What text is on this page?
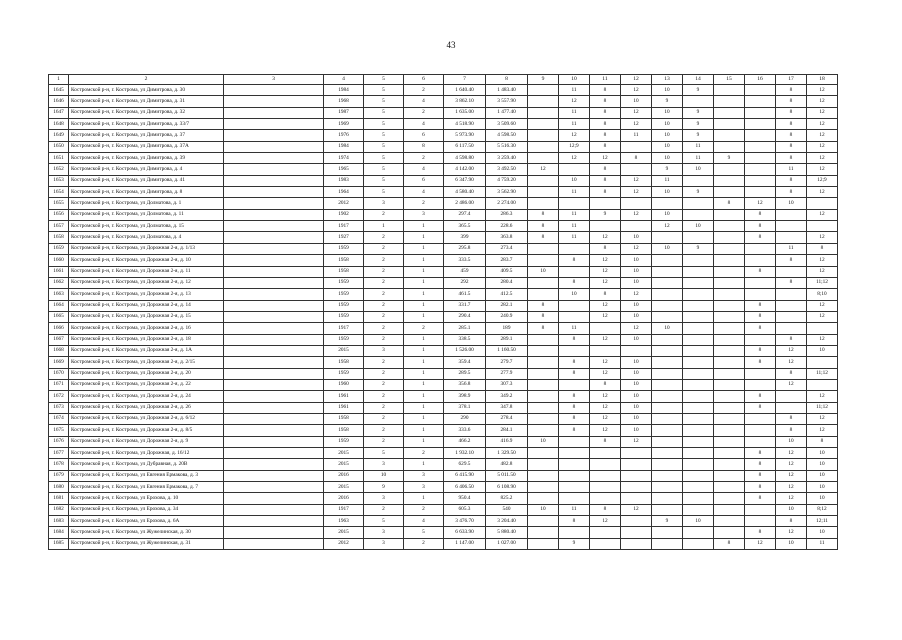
43
1	2	3	4	5	6	7	8	9	10	11	12	13	14	15	16	17	18
1645	Костромской р-н, г. Кострома, ул Димитрова, д. 30		1984	5	2	1 640.40	1 483.40		11	8	12	10	9			8	12
1646	Костромской р-н, г. Кострома, ул Димитрова, д. 31		1968	5	4	3 862.10	3 557.90		12	8	10	9				8	12
1647	Костромской р-н, г. Кострома, ул Димитрова, д. 32		1987	5	2	1 635.00	1 477.40		11	8	12	10	9			8	12
1648	Костромской р-н, г. Кострома, ул Димитрова, д. 33/7		1969	5	4	4 518.90	3 509.60		11	8	12	10	9			8	12
1649	Костромской р-н, г. Кострома, ул Димитрова, д. 37		1976	5	6	5 973.90	4 598.50		12	8	11	10	9			8	12
1650	Костромской р-н, г. Кострома, ул Димитрова, д. 37А		1984	5	8	6 117.50	5 516.30		12;9	8		10	11			8	12
1651	Костромской р-н, г. Кострома, ул Димитрова, д. 39		1974	5	2	4 598.80	3 259.40		12	12	8	10	11	9		8	12
1652	Костромской р-н, г. Кострома, ул Димитрова, д. 4		1965	5	4	4 142.00	3 492.50	12		8		9	10			11	12
1653	Костромской р-н, г. Кострома, ул Димитрова, д. 41		1983	5	6	6 347.90	4 759.20		10	8	12	11				8	12;9
1654	Костромской р-н, г. Кострома, ул Димитрова, д. 8		1964	5	4	4 580.40	3 562.90		11	8	12	10	9			8	12
1655	Костромской р-н, г. Кострома, ул Долматова, д. 1		2012	3	2	2 486.00	2 274.00							8	12	10	
1656	Костромской р-н, г. Кострома, ул Долматова, д. 11		1902	2	3	297.4	286.3	8	11	9	12	10			8		12
1657	Костромской р-н, г. Кострома, ул Долматова, д. 15		1917	1	1	365.5	228.6	8	11			12	10		8		
1658	Костромской р-н, г. Кострома, ул Долматова, д. 4		1927	2	1	399	363.8	8	11	12	10				8		12
1659	Костромской р-н, г. Кострома, ул Дорожная 2-я, д. 1/13		1959	2	1	295.8	273.4			8	12	10	9			11	8
1660	Костромской р-н, г. Кострома, ул Дорожная 2-я, д. 10		1958	2	1	333.5	283.7		8	12	10					8	12
1661	Костромской р-н, г. Кострома, ул Дорожная 2-я, д. 11		1958	2	1	459	409.5	10		12	10				8		12
1662	Костромской р-н, г. Кострома, ул Дорожная 2-я, д. 12		1959	2	1	292	280.4		8	12	10					8	11;12
1663	Костромской р-н, г. Кострома, ул Дорожная 2-я, д. 13		1959	2	1	461.5	412.5		10	8	12						8;10
1664	Костромской р-н, г. Кострома, ул Дорожная 2-я, д. 14		1959	2	1	331.7	282.1	8		12	10				8		12
1665	Костромской р-н, г. Кострома, ул Дорожная 2-я, д. 15		1959	2	1	290.4	240.9	8		12	10				8		12
1666	Костромской р-н, г. Кострома, ул Дорожная 2-я, д. 16		1917	2	2	285.1	189	8	11		12	10			8		
1667	Костромской р-н, г. Кострома, ул Дорожная 2-я, д. 18		1959	2	1	338.5	289.1		8	12	10					8	12
1668	Костромской р-н, г. Кострома, ул Дорожная 2-я, д. 1А		2015	3	1	1 526.00	1 160.50								8	12	10
1669	Костромской р-н, г. Кострома, ул Дорожная 2-я, д. 2/15		1958	2	1	359.4	279.7		8	12	10				8	12	
1670	Костромской р-н, г. Кострома, ул Дорожная 2-я, д. 20		1959	2	1	289.5	277.9		8	12	10					8	11;12
1671	Костромской р-н, г. Кострома, ул Дорожная 2-я, д. 22		1960	2	1	356.8	307.3			8	10					12	
1672	Костромской р-н, г. Кострома, ул Дорожная 2-я, д. 24		1961	2	1	398.9	349.2		8	12	10				8		12
1673	Костромской р-н, г. Кострома, ул Дорожная 2-я, д. 26		1961	2	1	378.1	347.8		8	12	10				8		11;12
1674	Костромской р-н, г. Кострома, ул Дорожная 2-я, д. 6/12		1958	2	1	290	278.4		8	12	10					8	12
1675	Костромской р-н, г. Кострома, ул Дорожная 2-я, д. 8/5		1958	2	1	333.6	284.1		8	12	10					8	12
1676	Костромской р-н, г. Кострома, ул Дорожная 2-я, д. 9		1959	2	1	466.2	416.9	10		8	12					10	8
1677	Костромской р-н, г. Кострома, ул Дорожная, д. 16/12		2015	5	2	1 932.10	1 329.50								8	12	10
1678	Костромской р-н, г. Кострома, ул Дубравная, д. 20В		2015	3	1	629.5	482.8								8	12	10
1679	Костромской р-н, г. Кострома, ул Евгения Ермакова, д. 3		2016	10	3	6 415.90	5 011.50								8	12	10
1680	Костромской р-н, г. Кострома, ул Евгения Ермакова, д. 7		2015	9	3	6 406.50	6 108.90								8	12	10
1681	Костромской р-н, г. Кострома, ул Ерохова, д. 10		2016	3	1	950.4	825.2								8	12	10
1682	Костромской р-н, г. Кострома, ул Ерохова, д. 34		1917	2	2	605.3	540	10	11	8	12					10	8;12
1683	Костромской р-н, г. Кострома, ул Ерохова, д. 6А		1963	5	4	3 476.70	3 204.40		8	12		9	10			8	12;11
1684	Костромской р-н, г. Кострома, ул Жужелинская, д. 30		2015	3	5	6 633.90	5 880.40								8	12	10
1685	Костромской р-н, г. Кострома, ул Жужелинская, д. 31		2012	3	2	1 147.00	1 027.00		9					8	12	10	11
